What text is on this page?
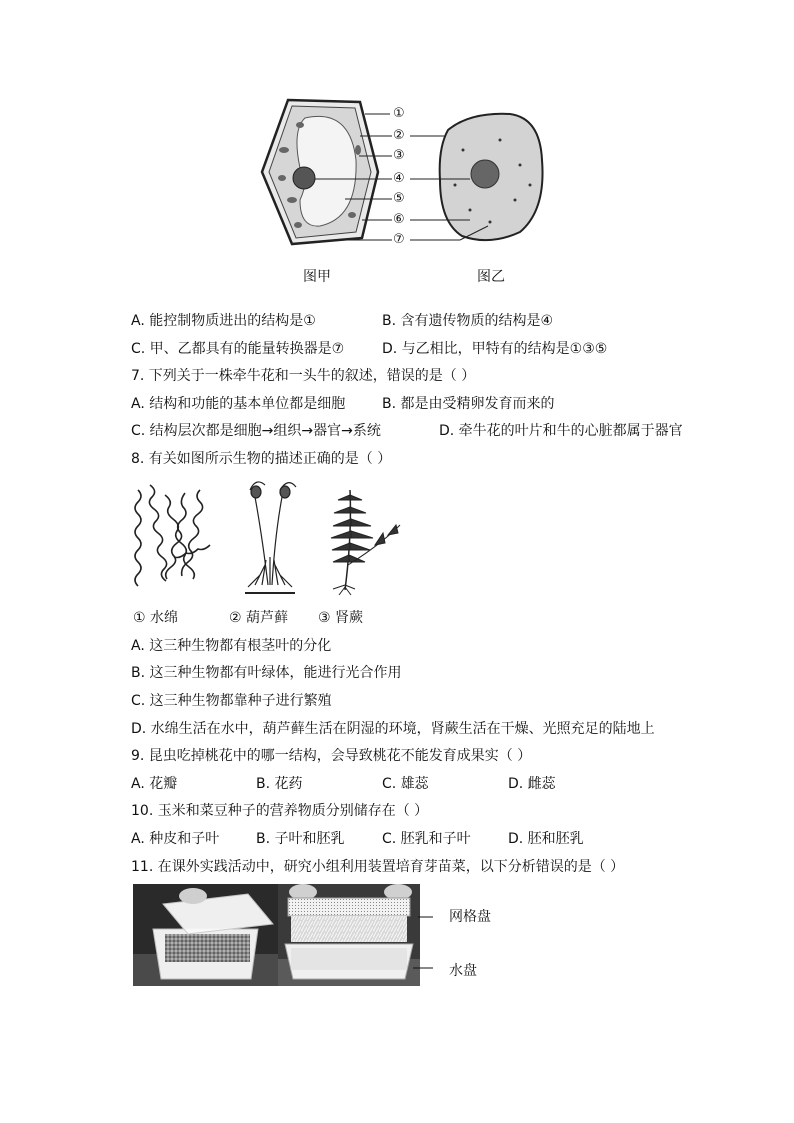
①
②
③
④
⑤
⑥
⑦
图甲	图乙
A. 能控制物质进出的结构是①	B. 含有遗传物质的结构是④
C. 甲、乙都具有的能量转换器是⑦	D. 与乙相比，甲特有的结构是①③⑤
7. 下列关于一株牵牛花和一头牛的叙述，错误的是（ ）
A. 结构和功能的基本单位都是细胞	B. 都是由受精卵发育而来的
C. 结构层次都是细胞→组织→器官→系统	D. 牵牛花的叶片和牛的心脏都属于器官
8. 有关如图所示生物的描述正确的是（ ）
① 水绵	② 葫芦藓 ③ 肾蕨
A. 这三种生物都有根茎叶的分化
B. 这三种生物都有叶绿体，能进行光合作用
C. 这三种生物都靠种子进行繁殖
D. 水绵生活在水中，葫芦藓生活在阴湿的环境，肾蕨生活在干燥、光照充足的陆地上
9. 昆虫吃掉桃花中的哪一结构，会导致桃花不能发育成果实（ ）
A. 花瓣	B. 花药	C. 雄蕊	D. 雌蕊
10. 玉米和菜豆种子的营养物质分别储存在（ ）
A. 种皮和子叶	B. 子叶和胚乳	C. 胚乳和子叶	D. 胚和胚乳
11. 在课外实践活动中，研究小组利用装置培育芽苗菜，以下分析错误的是（ ）
网格盘
水盘
